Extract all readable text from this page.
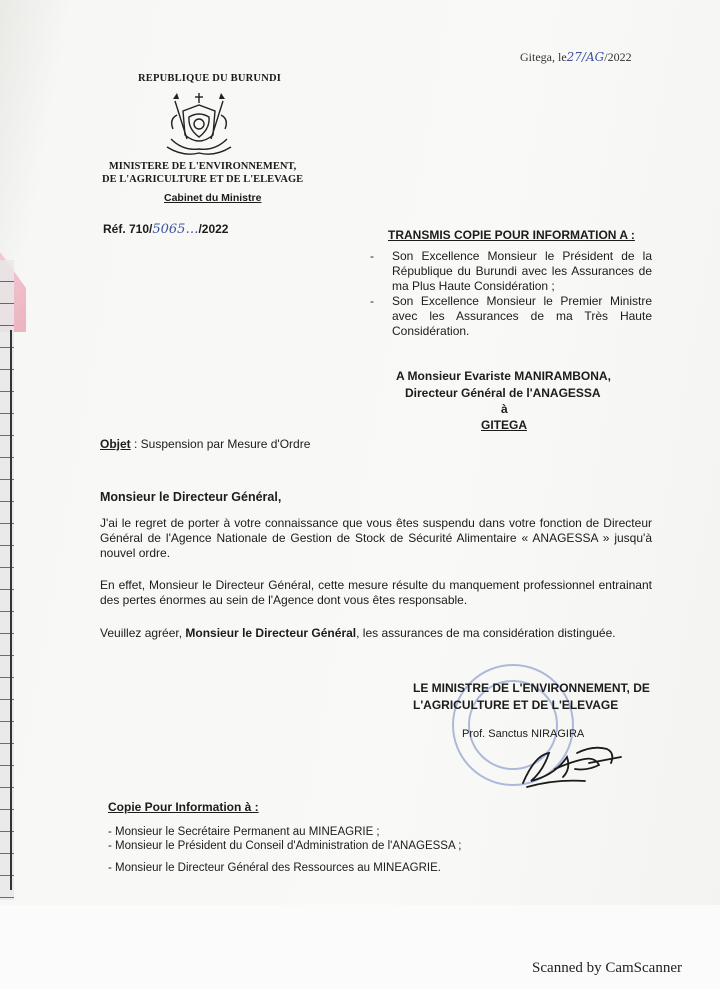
Gitega, le27/AG/2022
REPUBLIQUE DU BURUNDI
MINISTERE DE L'ENVIRONNEMENT,
DE L'AGRICULTURE ET DE L'ELEVAGE
Cabinet du Ministre
Réf. 710/5065…/2022	TRANSMIS COPIE POUR INFORMATION A :
- Son Excellence Monsieur le Président de la République du Burundi avec les Assurances de ma Plus Haute Considération ;
- Son Excellence Monsieur le Premier Ministre avec les Assurances de ma Très Haute Considération.
A Monsieur Evariste MANIRAMBONA,
Directeur Général de l'ANAGESSA
à
GITEGA
Objet : Suspension par Mesure d'Ordre
Monsieur le Directeur Général,

J'ai le regret de porter à votre connaissance que vous êtes suspendu dans votre fonction de Directeur Général de l'Agence Nationale de Gestion de Stock de Sécurité Alimentaire « ANAGESSA » jusqu'à nouvel ordre.

En effet, Monsieur le Directeur Général, cette mesure résulte du manquement professionnel entrainant des pertes énormes au sein de l'Agence dont vous êtes responsable.

Veuillez agréer, Monsieur le Directeur Général, les assurances de ma considération distinguée.

LE MINISTRE DE L'ENVIRONNEMENT, DE
L'AGRICULTURE ET DE L'ELEVAGE
Prof. Sanctus NIRAGIRA
Copie Pour Information à :
- Monsieur le Secrétaire Permanent au MINEAGRIE ;
- Monsieur le Président du Conseil d'Administration de l'ANAGESSA ;
- Monsieur le Directeur Général des Ressources au MINEAGRIE.
Scanned by CamScanner
